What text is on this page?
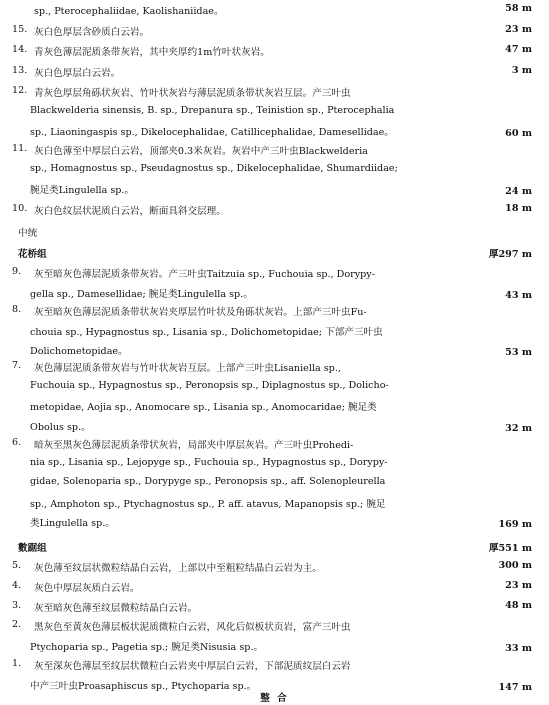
sp., Pterocephaliidae, Kaolishaniidae。	58 m
15. 灰白色厚层含砂质白云岩。	23 m
14. 青灰色薄层泥质条带灰岩，其中夹厚约1m竹叶状灰岩。	47 m
13. 灰白色厚层白云岩。	3 m
12. 青灰色厚层角砾状灰岩、竹叶状灰岩与薄层泥质条带状灰岩互层。产三叶虫
Blackwelderia sinensis, B. sp., Drepanura sp., Teinistion sp., Pterocephalia
sp., Liaoningaspis sp., Dikelocephalidae, Catillicephalidae, Damesellidae。	60 m
11. 灰白色薄至中厚层白云岩，顶部夹0.3米灰岩。灰岩中产三叶虫Blackwelderia
sp., Homagnostus sp., Pseudagnostus sp., Dikelocephalidae, Shumardiidae;
腕足类Lingulella sp.。	24 m
10. 灰白色纹层状泥质白云岩，断面具斜交层理。	18 m
中统
花桥组	厚297 m
9. 灰至暗灰色薄层泥质条带灰岩。产三叶虫Taitzuia sp., Fuchouia sp., Dorypy-
gella sp., Damesellidae; 腕足类Lingulella sp.。	43 m
8. 灰至暗灰色薄层泥质条带状灰岩夹厚层竹叶状及角砾状灰岩。上部产三叶虫Fu-
chouia sp., Hypagnostus sp., Lisania sp., Dolichometopidae; 下部产三叶虫
Dolichometopidae。	53 m
7. 灰色薄层泥质条带灰岩与竹叶状灰岩互层。上部产三叶虫Lisaniella sp.,
Fuchouia sp., Hypagnostus sp., Peronopsis sp., Diplagnostus sp., Dolicho-
metopidae, Aojia sp., Anomocare sp., Lisania sp., Anomocaridae; 腕足类
Obolus sp.。	32 m
6. 暗灰至黑灰色薄层泥质条带状灰岩，局部夹中厚层灰岩。产三叶虫Prohedi-
nia sp., Lisania sp., Lejopyge sp., Fuchouia sp., Hypagnostus sp., Dorypy-
gidae, Solenoparia sp., Dorypyge sp., Peronopsis sp., aff. Solenopleurella
sp., Amphoton sp., Ptychagnostus sp., P. aff. atavus, Mapanopsis sp.; 腕足
类Lingulella sp.。	169 m
數踞组	厚551 m
5. 灰色薄至纹层状微粒结晶白云岩，上部以中至粗粒结晶白云岩为主。	300 m
4. 灰色中厚层灰质白云岩。	23 m
3. 灰至暗灰色薄至纹层微粒结晶白云岩。	48 m
2. 黑灰色至黄灰色薄层板状泥质微粒白云岩，风化后似板状页岩，富产三叶虫
Ptychoparia sp., Pagetia sp.; 腕足类Nisusia sp.。	33 m
1. 灰至深灰色薄层至纹层状微粒白云岩夹中厚层白云岩，下部泥质纹层白云岩
中产三叶虫Proasaphiscus sp., Ptychoparia sp.。	147 m
整 合
